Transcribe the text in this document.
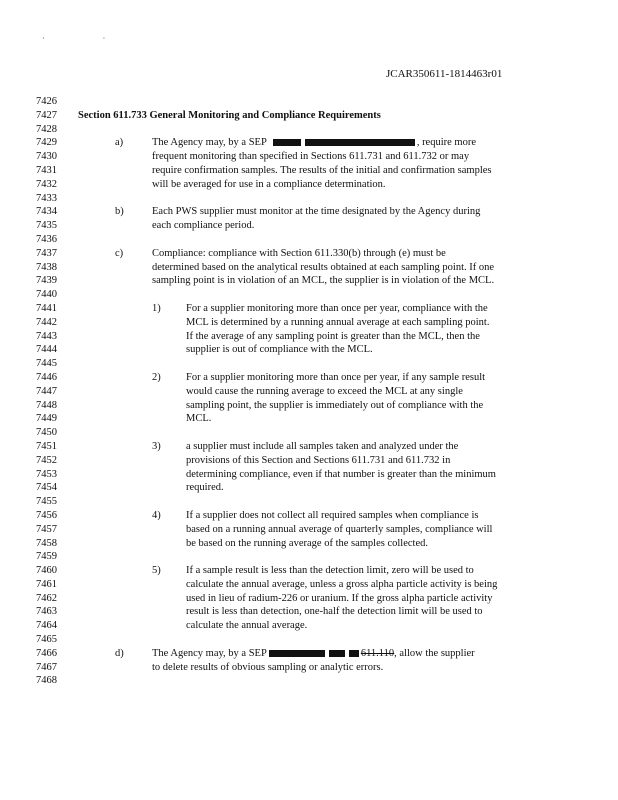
· ·
JCAR350611-1814463r01
7426
7427
7428
7429
7430
7431
7432
7433
7434
7435
7436
7437
7438
7439
7440
7441
7442
7443
7444
7445
7446
7447
7448
7449
7450
7451
7452
7453
7454
7455
7456
7457
7458
7459
7460
7461
7462
7463
7464
7465
7466
7467
7468
Section 611.733 General Monitoring and Compliance Requirements
a)	The Agency may, by a SEP	, require more
frequent monitoring than specified in Sections 611.731 and 611.732 or may
require confirmation samples. The results of the initial and confirmation samples
will be averaged for use in a compliance determination.
b)	Each PWS supplier must monitor at the time designated by the Agency during
each compliance period.
c)	Compliance: compliance with Section 611.330(b) through (e) must be
determined based on the analytical results obtained at each sampling point. If one
sampling point is in violation of an MCL, the supplier is in violation of the MCL.
1) For a supplier monitoring more than once per year, compliance with the
MCL is determined by a running annual average at each sampling point.
If the average of any sampling point is greater than the MCL, then the
supplier is out of compliance with the MCL.
2) For a supplier monitoring more than once per year, if any sample result
would cause the running average to exceed the MCL at any single
sampling point, the supplier is immediately out of compliance with the
MCL.
3) a supplier must include all samples taken and analyzed under the
provisions of this Section and Sections 611.731 and 611.732 in
determining compliance, even if that number is greater than the minimum
required.
4) If a supplier does not collect all required samples when compliance is
based on a running annual average of quarterly samples, compliance will
be based on the running average of the samples collected.
5) If a sample result is less than the detection limit, zero will be used to
calculate the annual average, unless a gross alpha particle activity is being
used in lieu of radium-226 or uranium. If the gross alpha particle activity
result is less than detection, one-half the detection limit will be used to
calculate the annual average.
d)	The Agency may, by a SEP	611.110, allow the supplier
to delete results of obvious sampling or analytic errors.
